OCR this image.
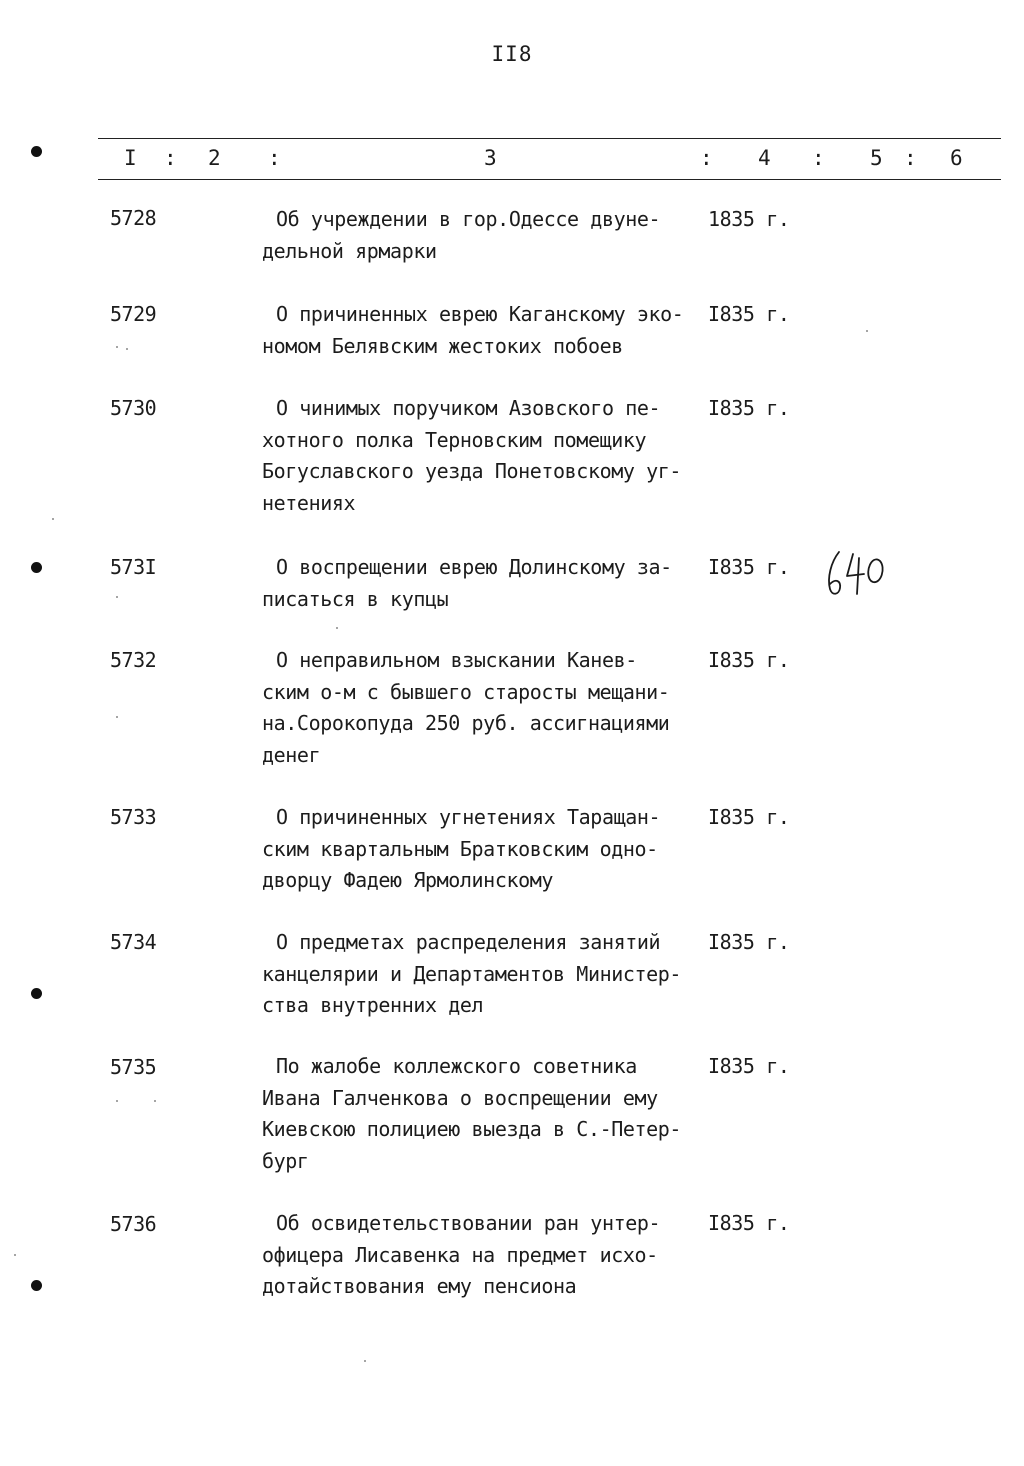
II8
I : 2 :	3	: 4 : 5 : 6
5728	Об учреждении в гор.Одессе двуне-
дельной ярмарки
1835 г.
5729	О причиненных еврею Каганскому эко-
номом Белявским жестоких побоев
I835 г.
5730	О чинимых поручиком Азовского пе-
хотного полка Терновским помещику
Богуславского уезда Понетовскому уг-
нетениях
I835 г.
573I	О воспрещении еврею Долинскому за-
писаться в купцы
I835 г.
5732	О неправильном взыскании Канев-
ским о-м с бывшего старосты мещани-
на.Сорокопуда 250 руб. ассигнациями
денег
I835 г.
5733	О причиненных угнетениях Таращан-
ским квартальным Братковским одно-
дворцу Фадею Ярмолинскому
I835 г.
5734	О предметах распределения занятий
канцелярии и Департаментов Министер-
ства внутренних дел
I835 г.
5735	По жалобе коллежского советника
Ивана Галченкова о воспрещении ему
Киевскою полициею выезда в С.-Петер-
бург
I835 г.
5736	Об освидетельствовании ран унтер-
офицера Лисавенка на предмет исхо-
дотайствования ему пенсиона
I835 г.
